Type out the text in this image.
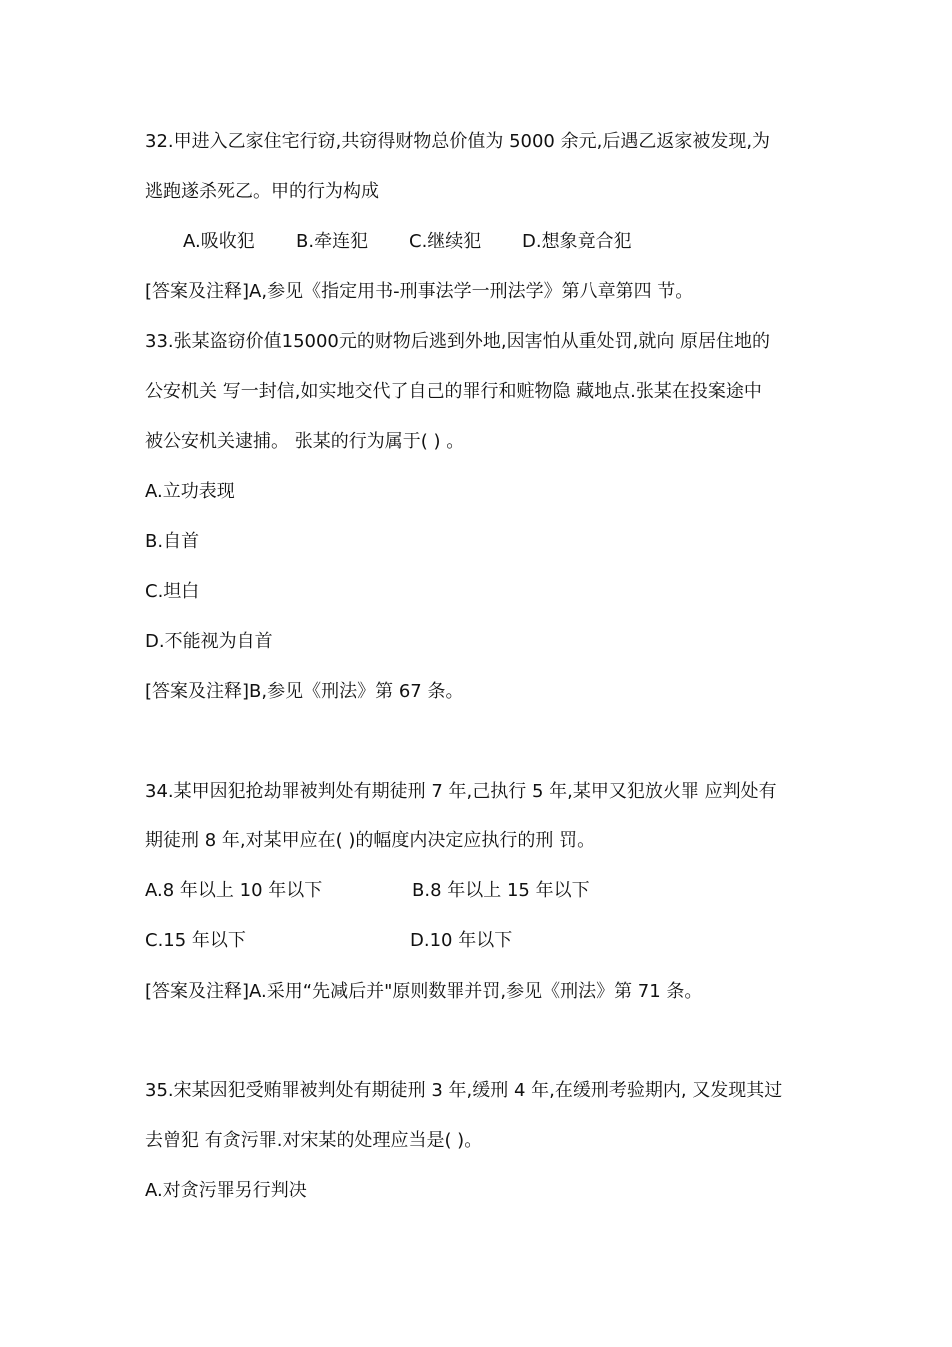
32.甲进入乙家住宅行窃,共窃得财物总价值为 5000 余元,后遇乙返家被发现,为
逃跑遂杀死乙。甲的行为构成
A.吸收犯 B.牵连犯 C.继续犯 D.想象竟合犯
[答案及注释]A,参见《指定用书-刑事法学一刑法学》第八章第四 节。
33.张某盗窃价值15000元的财物后逃到外地,因害怕从重处罚,就向 原居住地的
公安机关 写一封信,如实地交代了自己的罪行和赃物隐 藏地点.张某在投案途中
被公安机关逮捕。 张某的行为属于( ) 。
A.立功表现
B.自首
C.坦白
D.不能视为自首
[答案及注释]B,参见《刑法》第 67 条。
34.某甲因犯抢劫罪被判处有期徒刑 7 年,己执行 5 年,某甲又犯放火罪 应判处有
期徒刑 8 年,对某甲应在( )的幅度内决定应执行的刑 罚。
A.8 年以上 10 年以下	B.8 年以上 15 年以下
C.15 年以下	D.10 年以下
[答案及注释]A.采用“先减后并"原则数罪并罚,参见《刑法》第 71 条。
35.宋某因犯受贿罪被判处有期徒刑 3 年,缓刑 4 年,在缓刑考验期内, 又发现其过
去曾犯 有贪污罪.对宋某的处理应当是( )。
A.对贪污罪另行判决
